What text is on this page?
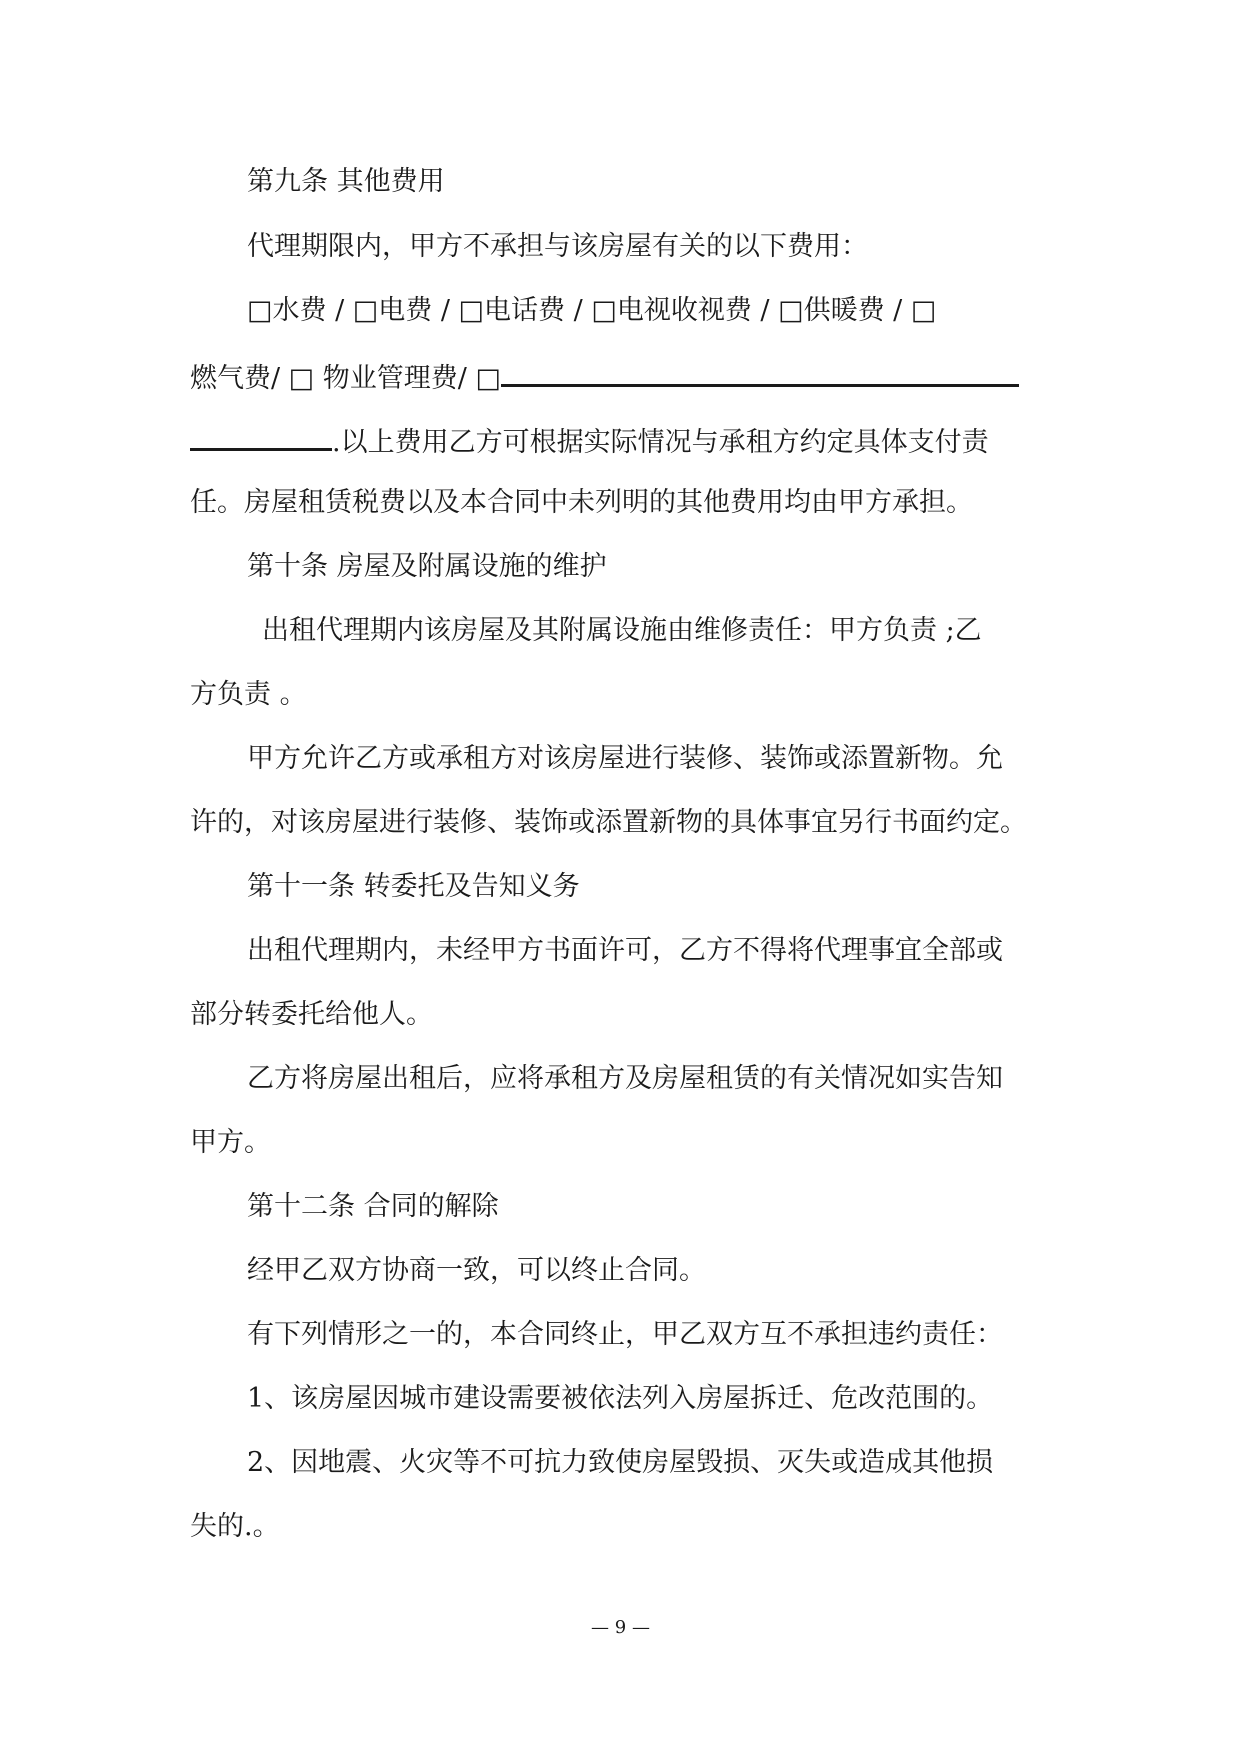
第九条 其他费用
代理期限内，甲方不承担与该房屋有关的以下费用：
□水费 / □电费 / □电话费 / □电视收视费 / □供暖费 / □
燃气费/ □ 物业管理费/ □
.以上费用乙方可根据实际情况与承租方约定具体支付责
任。房屋租赁税费以及本合同中未列明的其他费用均由甲方承担。
第十条 房屋及附属设施的维护
出租代理期内该房屋及其附属设施由维修责任：甲方负责 ;乙
方负责 。
甲方允许乙方或承租方对该房屋进行装修、装饰或添置新物。允
许的，对该房屋进行装修、装饰或添置新物的具体事宜另行书面约定。
第十一条 转委托及告知义务
出租代理期内，未经甲方书面许可，乙方不得将代理事宜全部或
部分转委托给他人。
乙方将房屋出租后，应将承租方及房屋租赁的有关情况如实告知
甲方。
第十二条 合同的解除
经甲乙双方协商一致，可以终止合同。
有下列情形之一的，本合同终止，甲乙双方互不承担违约责任：
1、该房屋因城市建设需要被依法列入房屋拆迁、危改范围的。
2、因地震、火灾等不可抗力致使房屋毁损、灭失或造成其他损
失的.。
— 9 —
